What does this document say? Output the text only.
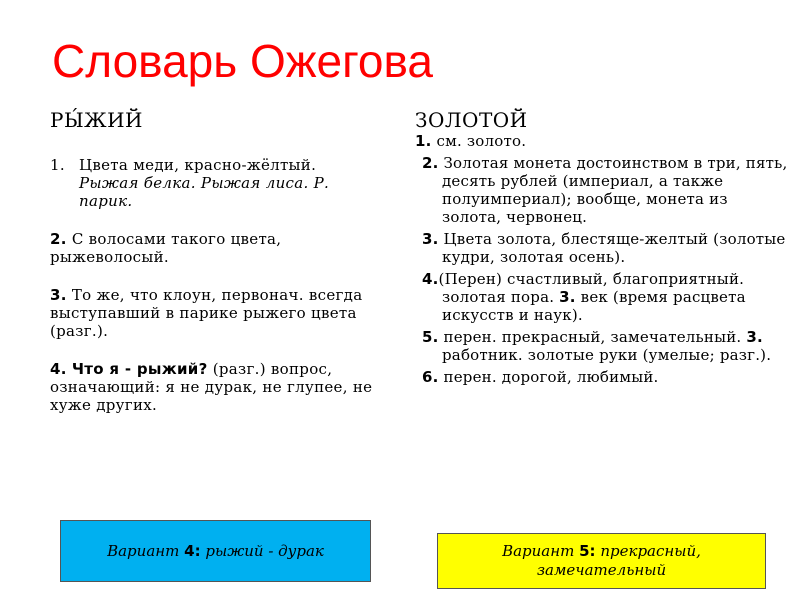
Словарь Ожегова
РЫ́ЖИЙ
1. Цвета меди, красно-жёлтый. Рыжая белка. Рыжая лиса. Р. парик.
2. С волосами такого цвета, рыжеволосый.
3. То же, что клоун, первонач. всегда выступавший в парике рыжего цвета (разг.).
4. Что я - рыжий? (разг.) вопрос, означающий: я не дурак, не глупее, не хуже других.
ЗОЛОТОЙ
1. см. золото.
2. Золотая монета достоинством в три, пять, десять рублей (империал, а также полуимпериал); вообще, монета из золота, червонец.
3. Цвета золота, блестяще-желтый (золотые кудри, золотая осень).
4.(Перен) счастливый, благоприятный. золотая пора. 3. век (время расцвета искусств и наук).
5. перен. прекрасный, замечательный. 3. работник. золотые руки (умелые; разг.).
6. перен. дорогой, любимый.
Вариант 4: рыжий - дурак	Вариант 5: прекрасный, замечательный
